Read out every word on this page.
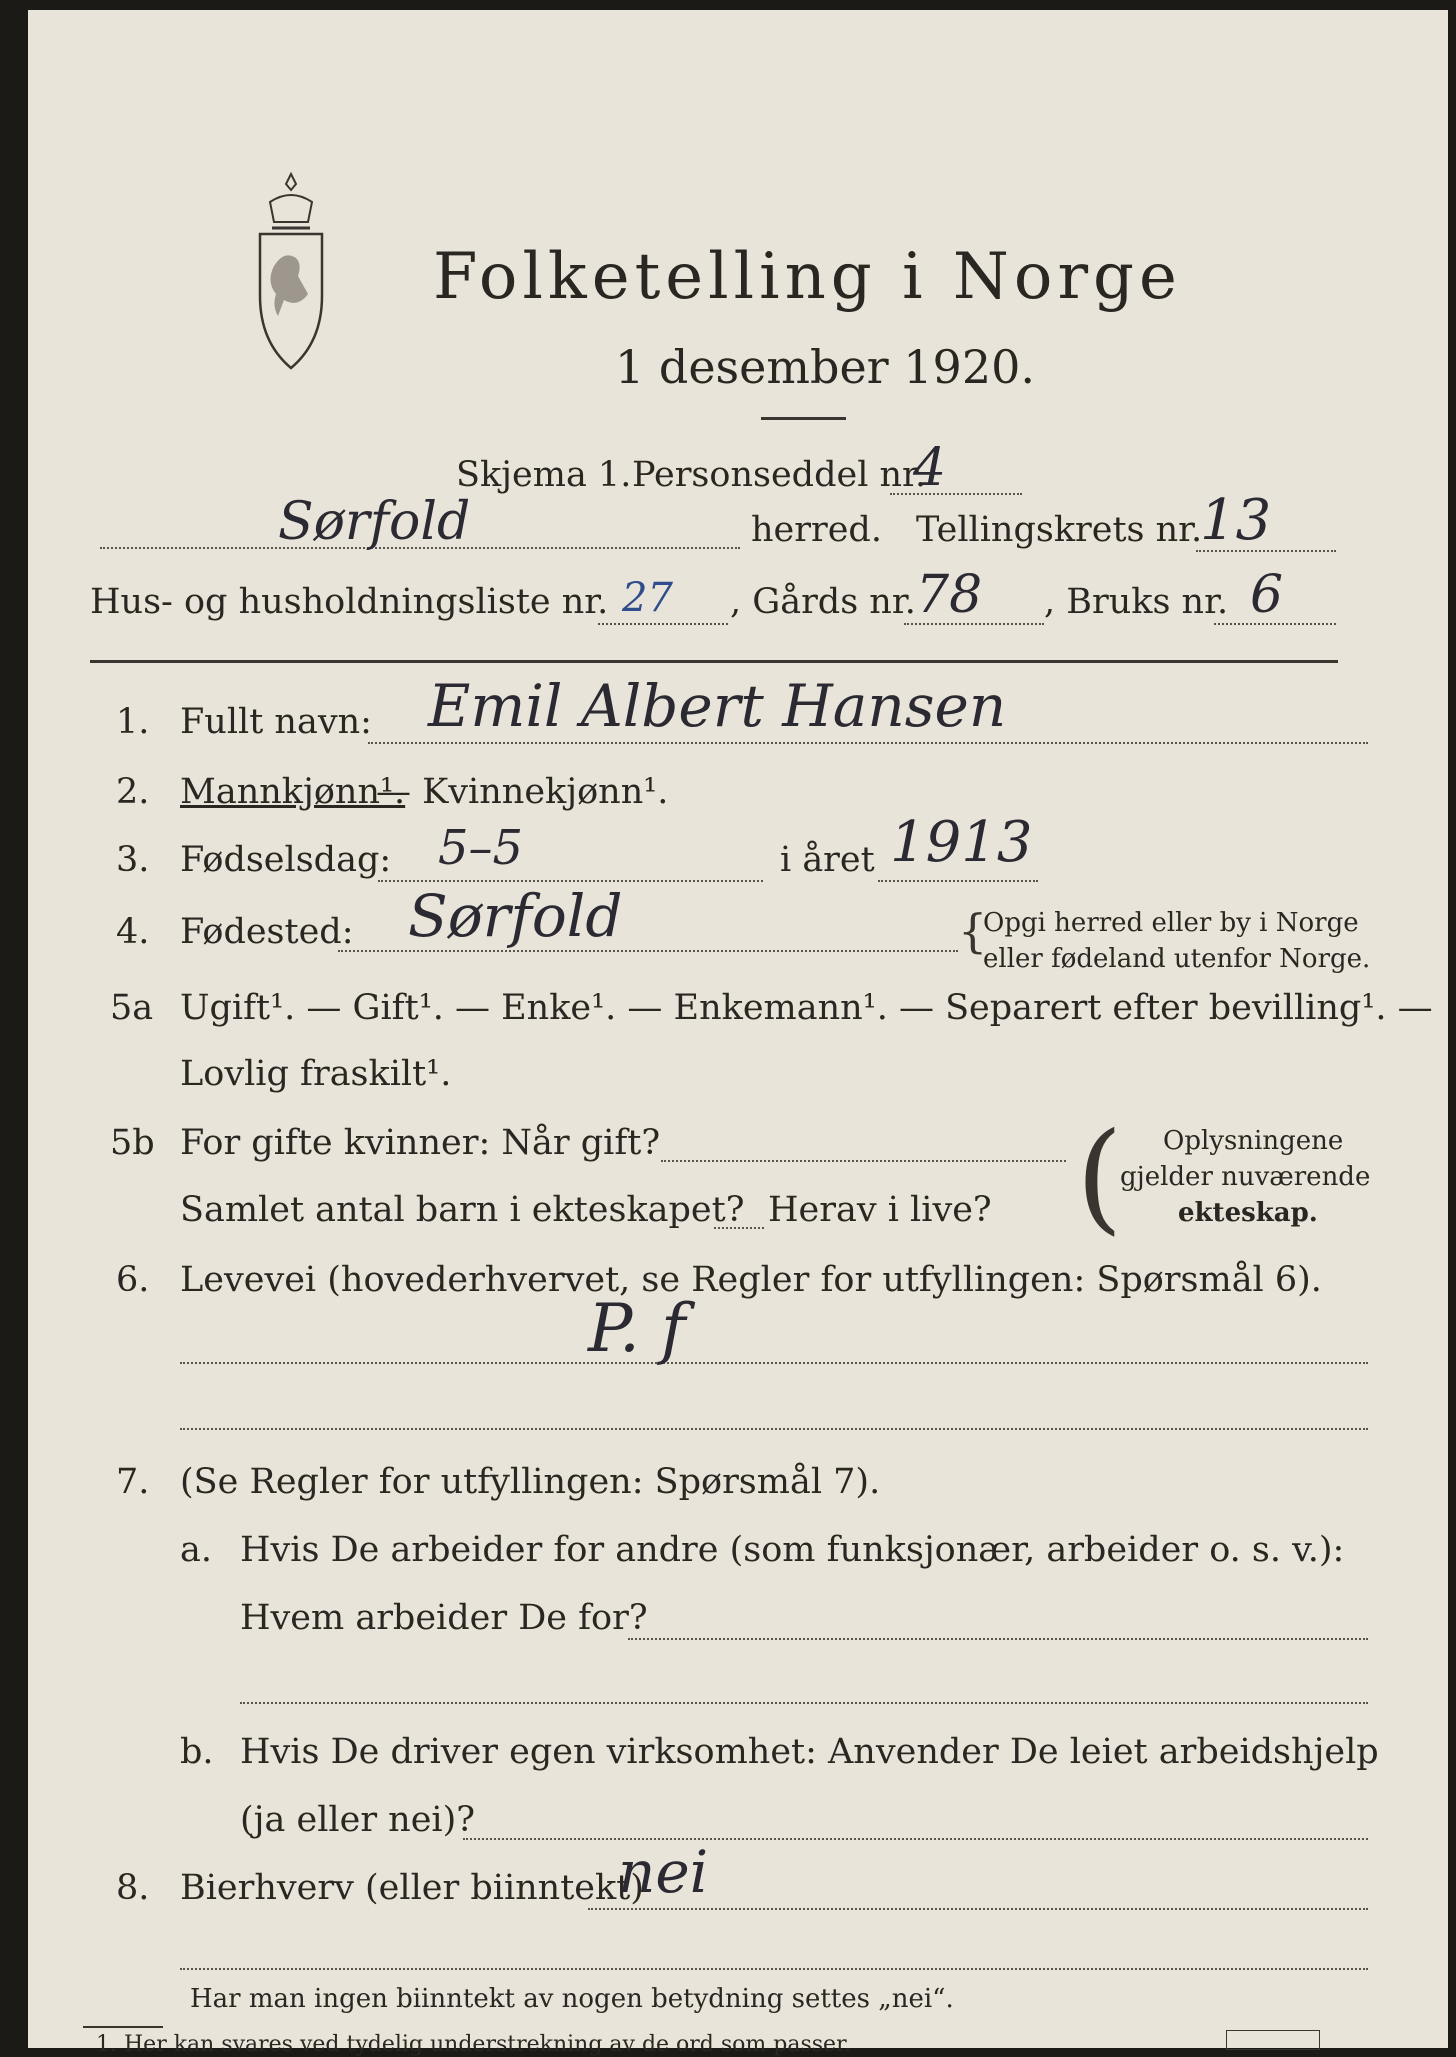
Folketelling i Norge
1 desember 1920.
Skjema 1. Personseddel nr.
4
Sørfold	herred. Tellingskrets nr.
13
Hus- og husholdningsliste nr. 27 , Gårds nr. 78 , Bruks nr. 6
1. Fullt navn: Emil Albert Hansen
2. Mannkjønn¹.
— Kvinnekjønn¹.
3. Fødselsdag: 5–5	i året 1913
4. Fødested: Sørfold	{
Opgi herred eller by i Norge
eller fødeland utenfor Norge.
5a Ugift¹. — Gift¹. — Enke¹. — Enkemann¹. — Separert efter bevilling¹. —
Lovlig fraskilt¹.
5b For gifte kvinner: Når gift?
Samlet antal barn i ekteskapet? Herav i live? ( Oplysningene
gjelder nuværende
ekteskap.
6. Levevei (hovederhvervet, se Regler for utfyllingen: Spørsmål 6).
P. f
7. (Se Regler for utfyllingen: Spørsmål 7).
a. Hvis De arbeider for andre (som funksjonær, arbeider o. s. v.):
Hvem arbeider De for?
b. Hvis De driver egen virksomhet: Anvender De leiet arbeidshjelp
(ja eller nei)?
8. Bierhverv (eller biinntekt)
nei
Har man ingen biinntekt av nogen betydning settes „nei“.
1. Her kan svares ved tydelig understrekning av de ord som passer.
